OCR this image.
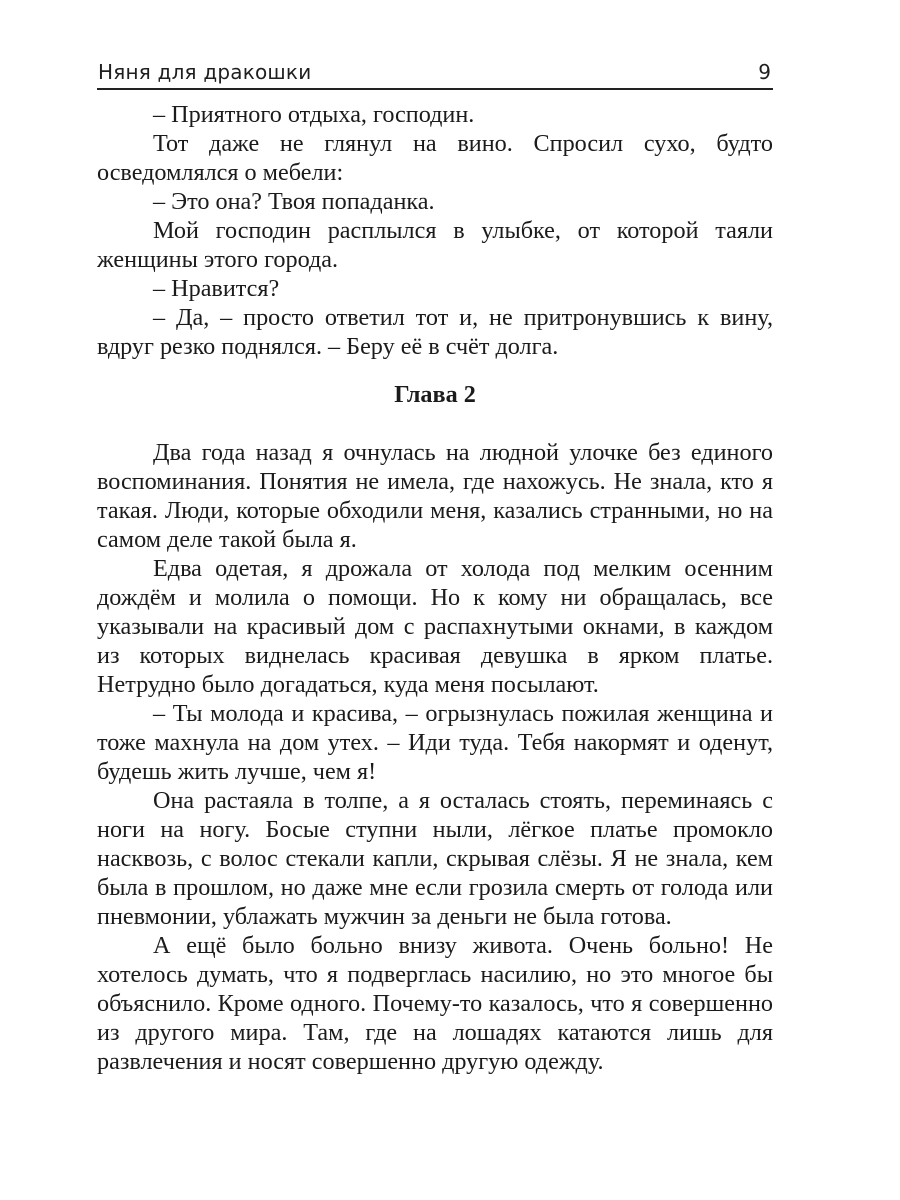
Няня для дракошки	9

– Приятного отдыха, господин.

Тот даже не глянул на вино. Спросил сухо, будто осведомлялся о мебели:

– Это она? Твоя попаданка.

Мой господин расплылся в улыбке, от которой таяли женщины этого города.

– Нравится?

– Да, – просто ответил тот и, не притронувшись к вину, вдруг резко поднялся. – Беру её в счёт долга.

Глава 2

Два года назад я очнулась на людной улочке без единого воспоминания. Понятия не имела, где нахожусь. Не знала, кто я такая. Люди, которые обходили меня, казались странными, но на самом деле такой была я.

Едва одетая, я дрожала от холода под мелким осенним дождём и молила о помощи. Но к кому ни обращалась, все указывали на красивый дом с распахнутыми окнами, в каждом из которых виднелась красивая девушка в ярком платье. Нетрудно было догадаться, куда меня посылают.

– Ты молода и красива, – огрызнулась пожилая женщина и тоже махнула на дом утех. – Иди туда. Тебя накормят и оденут, будешь жить лучше, чем я!

Она растаяла в толпе, а я осталась стоять, переминаясь с ноги на ногу. Босые ступни ныли, лёгкое платье промокло насквозь, с волос стекали капли, скрывая слёзы. Я не знала, кем была в прошлом, но даже мне если грозила смерть от голода или пневмонии, ублажать мужчин за деньги не была готова.

А ещё было больно внизу живота. Очень больно! Не хотелось думать, что я подверглась насилию, но это многое бы объяснило. Кроме одного. Почему-то казалось, что я совершенно из другого мира. Там, где на лошадях катаются лишь для развлечения и носят совершенно другую одежду.
